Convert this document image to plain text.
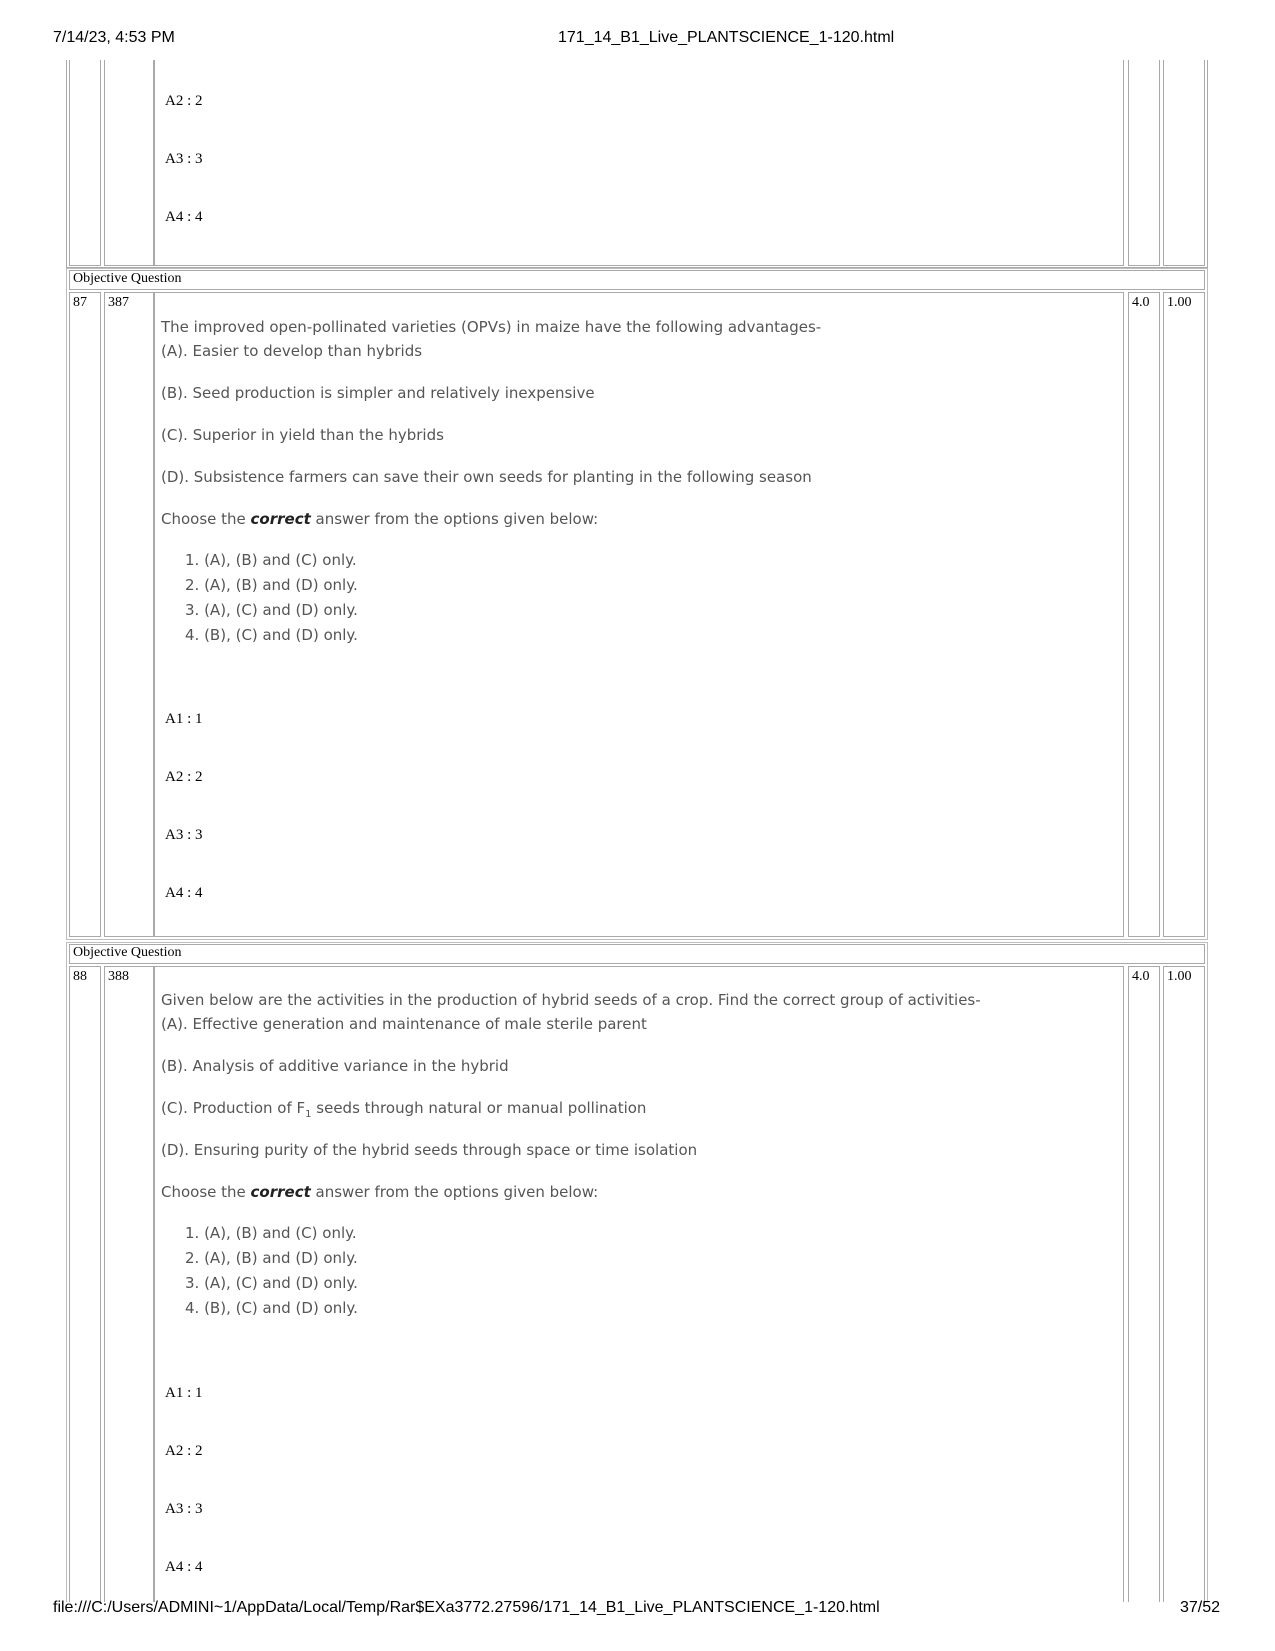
7/14/23, 4:53 PM	171_14_B1_Live_PLANTSCIENCE_1-120.html
A2 : 2
A3 : 3
A4 : 4
Objective Question
87	387	4.0	1.00

The improved open-pollinated varieties (OPVs) in maize have the following advantages-

(A). Easier to develop than hybrids

(B). Seed production is simpler and relatively inexpensive

(C). Superior in yield than the hybrids

(D). Subsistence farmers can save their own seeds for planting in the following season

Choose the correct answer from the options given below:

1. (A), (B) and (C) only.
2. (A), (B) and (D) only.
3. (A), (C) and (D) only.
4. (B), (C) and (D) only.
A1 : 1
A2 : 2
A3 : 3
A4 : 4
Objective Question
88	388	4.0	1.00

Given below are the activities in the production of hybrid seeds of a crop. Find the correct group of activities-

(A). Effective generation and maintenance of male sterile parent

(B). Analysis of additive variance in the hybrid

(C). Production of $F_1$ seeds through natural or manual pollination

(D). Ensuring purity of the hybrid seeds through space or time isolation

Choose the correct answer from the options given below:

1. (A), (B) and (C) only.
2. (A), (B) and (D) only.
3. (A), (C) and (D) only.
4. (B), (C) and (D) only.
A1 : 1
A2 : 2
A3 : 3
A4 : 4
file:///C:/Users/ADMINI~1/AppData/Local/Temp/Rar$EXa3772.27596/171_14_B1_Live_PLANTSCIENCE_1-120.html	37/52
